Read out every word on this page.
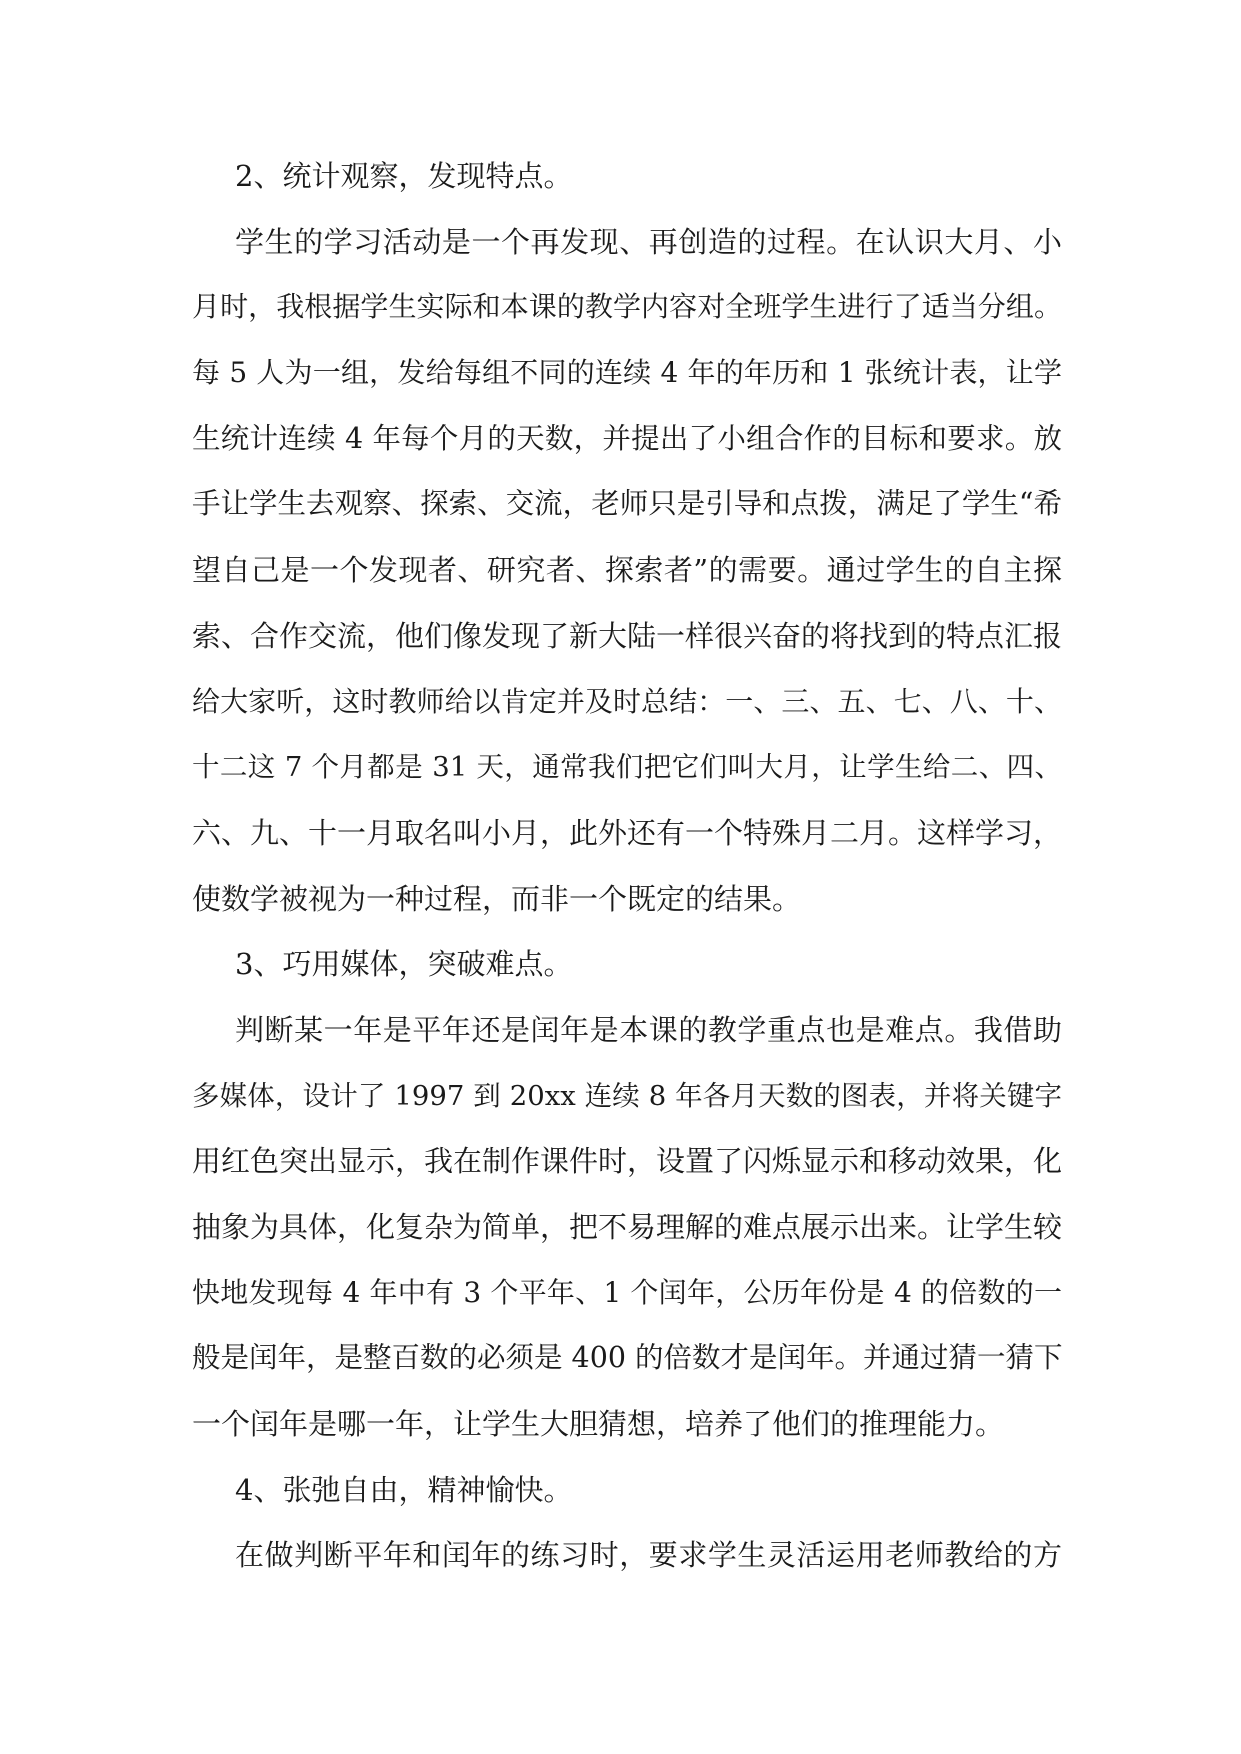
2、统计观察，发现特点。
学生的学习活动是一个再发现、再创造的过程。在认识大月、小
月时，我根据学生实际和本课的教学内容对全班学生进行了适当分组。
每 5 人为一组，发给每组不同的连续 4 年的年历和 1 张统计表，让学
生统计连续 4 年每个月的天数，并提出了小组合作的目标和要求。放
手让学生去观察、探索、交流，老师只是引导和点拨，满足了学生“希
望自己是一个发现者、研究者、探索者”的需要。通过学生的自主探
索、合作交流，他们像发现了新大陆一样很兴奋的将找到的特点汇报
给大家听，这时教师给以肯定并及时总结：一、三、五、七、八、十、
十二这 7 个月都是 31 天，通常我们把它们叫大月，让学生给二、四、
六、九、十一月取名叫小月，此外还有一个特殊月二月。这样学习，
使数学被视为一种过程，而非一个既定的结果。
3、巧用媒体，突破难点。
判断某一年是平年还是闰年是本课的教学重点也是难点。我借助
多媒体，设计了 1997 到 20xx 连续 8 年各月天数的图表，并将关键字
用红色突出显示，我在制作课件时，设置了闪烁显示和移动效果，化
抽象为具体，化复杂为简单，把不易理解的难点展示出来。让学生较
快地发现每 4 年中有 3 个平年、1 个闰年，公历年份是 4 的倍数的一
般是闰年，是整百数的必须是 400 的倍数才是闰年。并通过猜一猜下
一个闰年是哪一年，让学生大胆猜想，培养了他们的推理能力。
4、张弛自由，精神愉快。
在做判断平年和闰年的练习时，要求学生灵活运用老师教给的方
